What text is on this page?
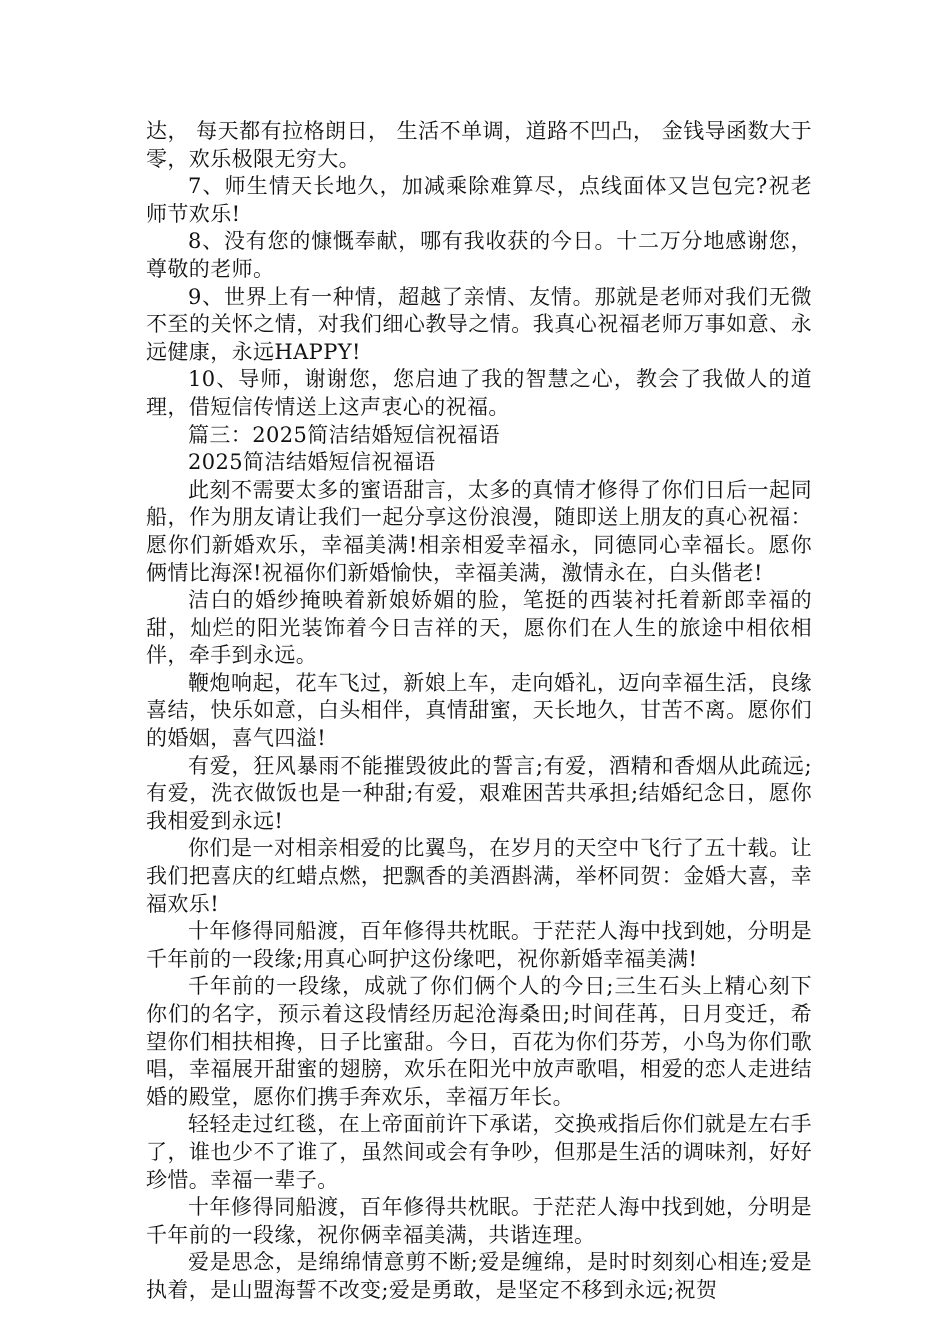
达， 每天都有拉格朗日， 生活不单调，道路不凹凸， 金钱导函数大于零，欢乐极限无穷大。

7、师生情天长地久，加减乘除难算尽，点线面体又岂包完?祝老师节欢乐!

8、没有您的慷慨奉献，哪有我收获的今日。十二万分地感谢您，尊敬的老师。

9、世界上有一种情，超越了亲情、友情。那就是老师对我们无微不至的关怀之情，对我们细心教导之情。我真心祝福老师万事如意、永远健康，永远HAPPY!

10、导师，谢谢您，您启迪了我的智慧之心，教会了我做人的道理，借短信传情送上这声衷心的祝福。

篇三：2025简洁结婚短信祝福语

2025简洁结婚短信祝福语

此刻不需要太多的蜜语甜言，太多的真情才修得了你们日后一起同船，作为朋友请让我们一起分享这份浪漫，随即送上朋友的真心祝福：愿你们新婚欢乐，幸福美满!相亲相爱幸福永，同德同心幸福长。愿你俩情比海深!祝福你们新婚愉快，幸福美满，激情永在，白头偕老!

洁白的婚纱掩映着新娘娇媚的脸，笔挺的西装衬托着新郎幸福的甜，灿烂的阳光装饰着今日吉祥的天，愿你们在人生的旅途中相依相伴，牵手到永远。

鞭炮响起，花车飞过，新娘上车，走向婚礼，迈向幸福生活，良缘喜结，快乐如意，白头相伴，真情甜蜜，天长地久，甘苦不离。愿你们的婚姻，喜气四溢!

有爱，狂风暴雨不能摧毁彼此的誓言;有爱，酒精和香烟从此疏远;有爱，洗衣做饭也是一种甜;有爱，艰难困苦共承担;结婚纪念日，愿你我相爱到永远!

你们是一对相亲相爱的比翼鸟，在岁月的天空中飞行了五十载。让我们把喜庆的红蜡点燃，把飘香的美酒斟满，举杯同贺：金婚大喜，幸福欢乐!

十年修得同船渡，百年修得共枕眠。于茫茫人海中找到她，分明是千年前的一段缘;用真心呵护这份缘吧，祝你新婚幸福美满!

千年前的一段缘，成就了你们俩个人的今日;三生石头上精心刻下你们的名字，预示着这段情经历起沧海桑田;时间荏苒，日月变迁，希望你们相扶相搀，日子比蜜甜。今日，百花为你们芬芳，小鸟为你们歌唱，幸福展开甜蜜的翅膀，欢乐在阳光中放声歌唱，相爱的恋人走进结婚的殿堂，愿你们携手奔欢乐，幸福万年长。

轻轻走过红毯，在上帝面前许下承诺，交换戒指后你们就是左右手了，谁也少不了谁了，虽然间或会有争吵，但那是生活的调味剂，好好珍惜。幸福一辈子。

十年修得同船渡，百年修得共枕眠。于茫茫人海中找到她，分明是千年前的一段缘，祝你俩幸福美满，共谐连理。

爱是思念，是绵绵情意剪不断;爱是缠绵，是时时刻刻心相连;爱是执着，是山盟海誓不改变;爱是勇敢，是坚定不移到永远;祝贺
